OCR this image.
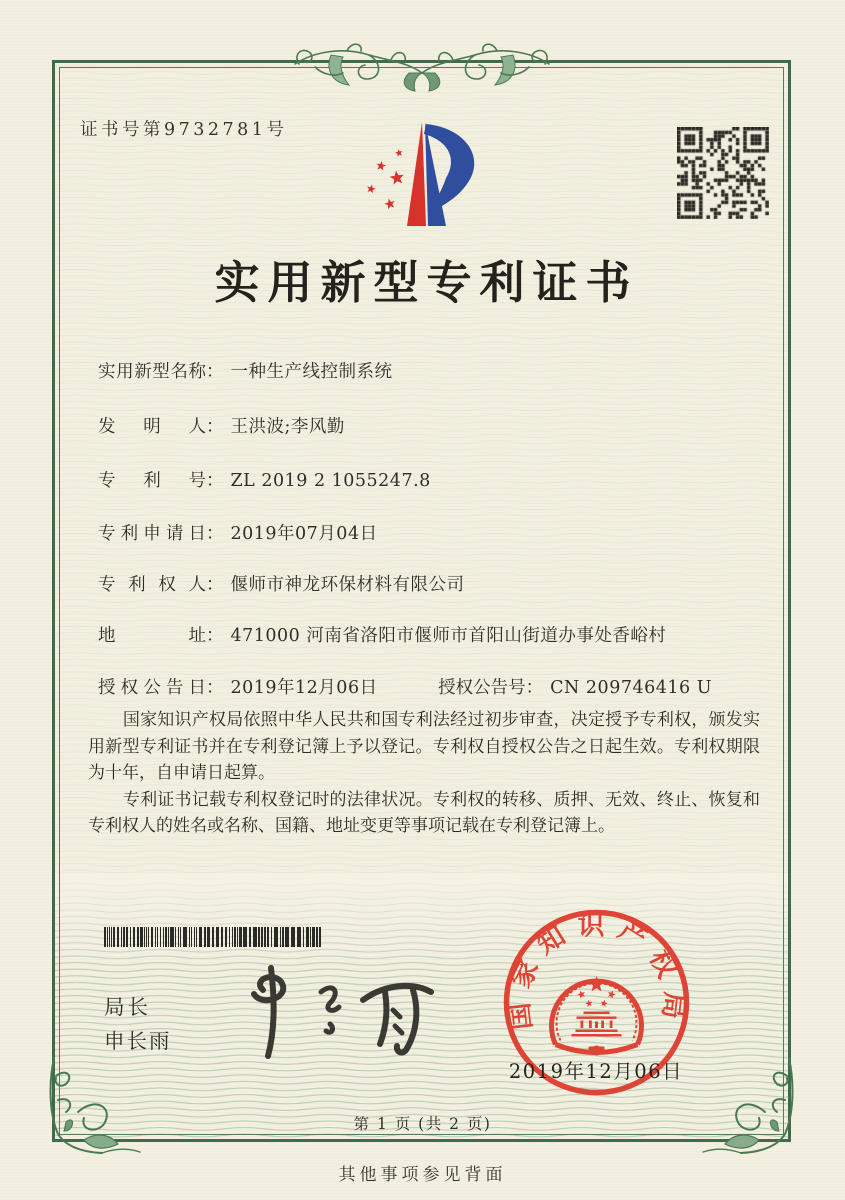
证书号第9732781号
实用新型专利证书
实用新型名称： 一种生产线控制系统
发明人： 王洪波;李风勤
专利号： ZL 2019 2 1055247.8
专利申请日： 2019年07月04日
专利权人： 偃师市神龙环保材料有限公司
地址： 471000 河南省洛阳市偃师市首阳山街道办事处香峪村
授权公告日： 2019年12月06日	授权公告号： CN 209746416 U

国家知识产权局依照中华人民共和国专利法经过初步审查，决定授予专利权，颁发实用新型专利证书并在专利登记簿上予以登记。专利权自授权公告之日起生效。专利权期限为十年，自申请日起算。

专利证书记载专利权登记时的法律状况。专利权的转移、质押、无效、终止、恢复和专利权人的姓名或名称、国籍、地址变更等事项记载在专利登记簿上。

局长
申长雨
国家知识产权局
2019年12月06日
第 1 页 (共 2 页)
其他事项参见背面
